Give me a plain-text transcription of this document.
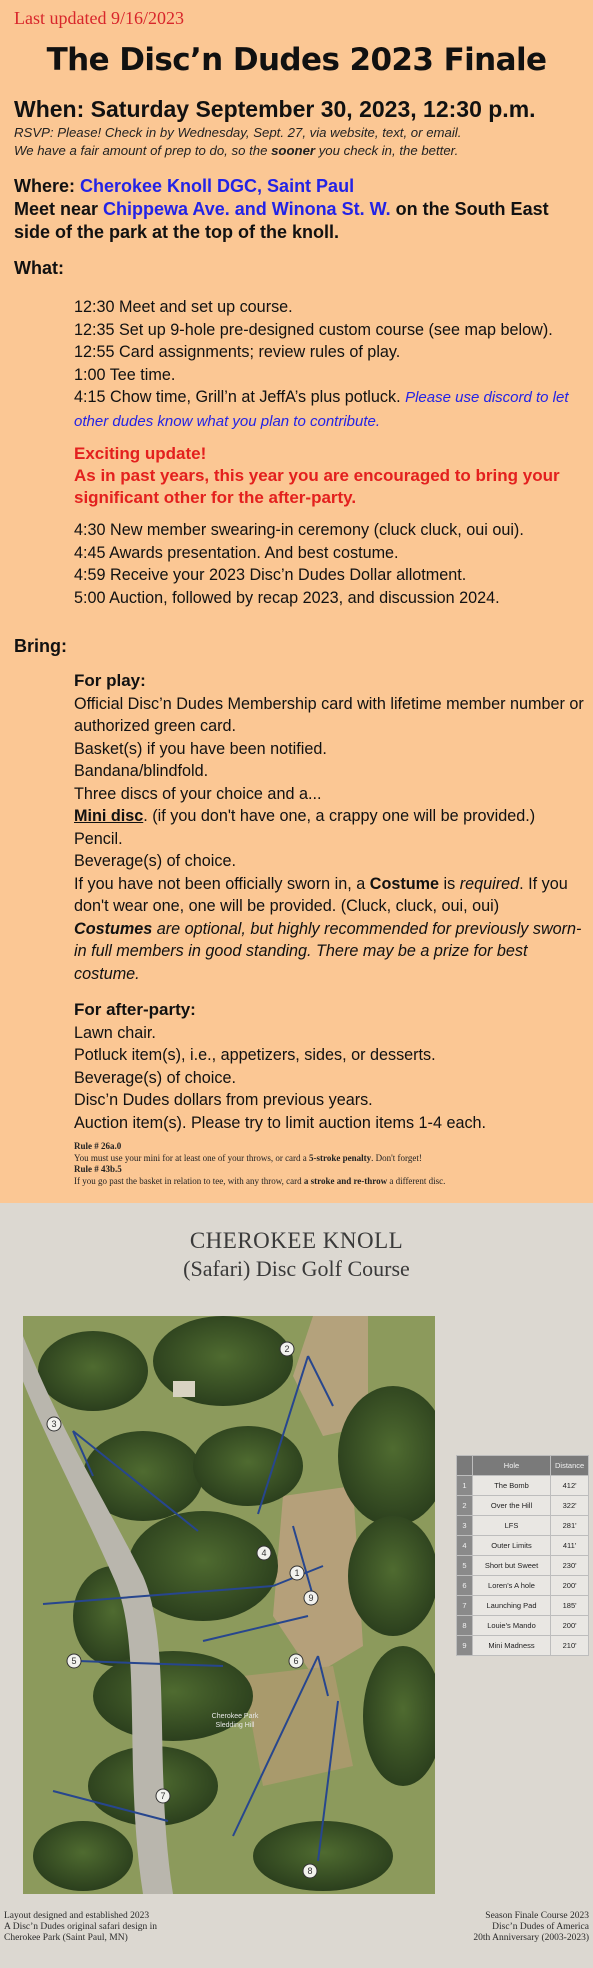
Last updated 9/16/2023
The Disc’n Dudes 2023 Finale
When: Saturday September 30, 2023, 12:30 p.m.
RSVP: Please! Check in by Wednesday, Sept. 27, via website, text, or email.
We have a fair amount of prep to do, so the sooner you check in, the better.
Where: Cherokee Knoll DGC, Saint Paul
Meet near Chippewa Ave. and Winona St. W. on the South East side of the park at the top of the knoll.
What:
12:30 Meet and set up course.
12:35 Set up 9-hole pre-designed custom course (see map below).
12:55 Card assignments; review rules of play.
1:00 Tee time.
4:15 Chow time, Grill’n at JeffA’s plus potluck. Please use discord to let other dudes know what you plan to contribute.
Exciting update!
As in past years, this year you are encouraged to bring your significant other for the after-party.
4:30 New member swearing-in ceremony (cluck cluck, oui oui).
4:45 Awards presentation. And best costume.
4:59 Receive your 2023 Disc’n Dudes Dollar allotment.
5:00 Auction, followed by recap 2023, and discussion 2024.
Bring:
For play:
Official Disc’n Dudes Membership card with lifetime member number or authorized green card.
Basket(s) if you have been notified.
Bandana/blindfold.
Three discs of your choice and a...
Mini disc. (if you don't have one, a crappy one will be provided.)
Pencil.
Beverage(s) of choice.
If you have not been officially sworn in, a Costume is required. If you don't wear one, one will be provided. (Cluck, cluck, oui, oui)
Costumes are optional, but highly recommended for previously sworn-in full members in good standing. There may be a prize for best costume.
For after-party:
Lawn chair.
Potluck item(s), i.e., appetizers, sides, or desserts.
Beverage(s) of choice.
Disc’n Dudes dollars from previous years.
Auction item(s). Please try to limit auction items 1-4 each.
Rule # 26a.0
You must use your mini for at least one of your throws, or card a 5-stroke penalty. Don't forget!
Rule # 43b.5
If you go past the basket in relation to tee, with any throw, card a stroke and re-throw a different disc.
CHEROKEE KNOLL
(Safari) Disc Golf Course
1
2
3
4
5	6
7
8
9
Cherokee Park
Sledding Hill
	Hole	Distance
1	The Bomb	412'
2	Over the Hill	322'
3	LFS	281'
4	Outer Limits	411'
5	Short but Sweet	230'
6	Loren's A hole	200'
7	Launching Pad	185'
8	Louie's Mando	200'
9	Mini Madness	210'
Layout designed and established 2023
A Disc’n Dudes original safari design in
Cherokee Park (Saint Paul, MN)
Season Finale Course 2023
Disc’n Dudes of America
20th Anniversary (2003-2023)
